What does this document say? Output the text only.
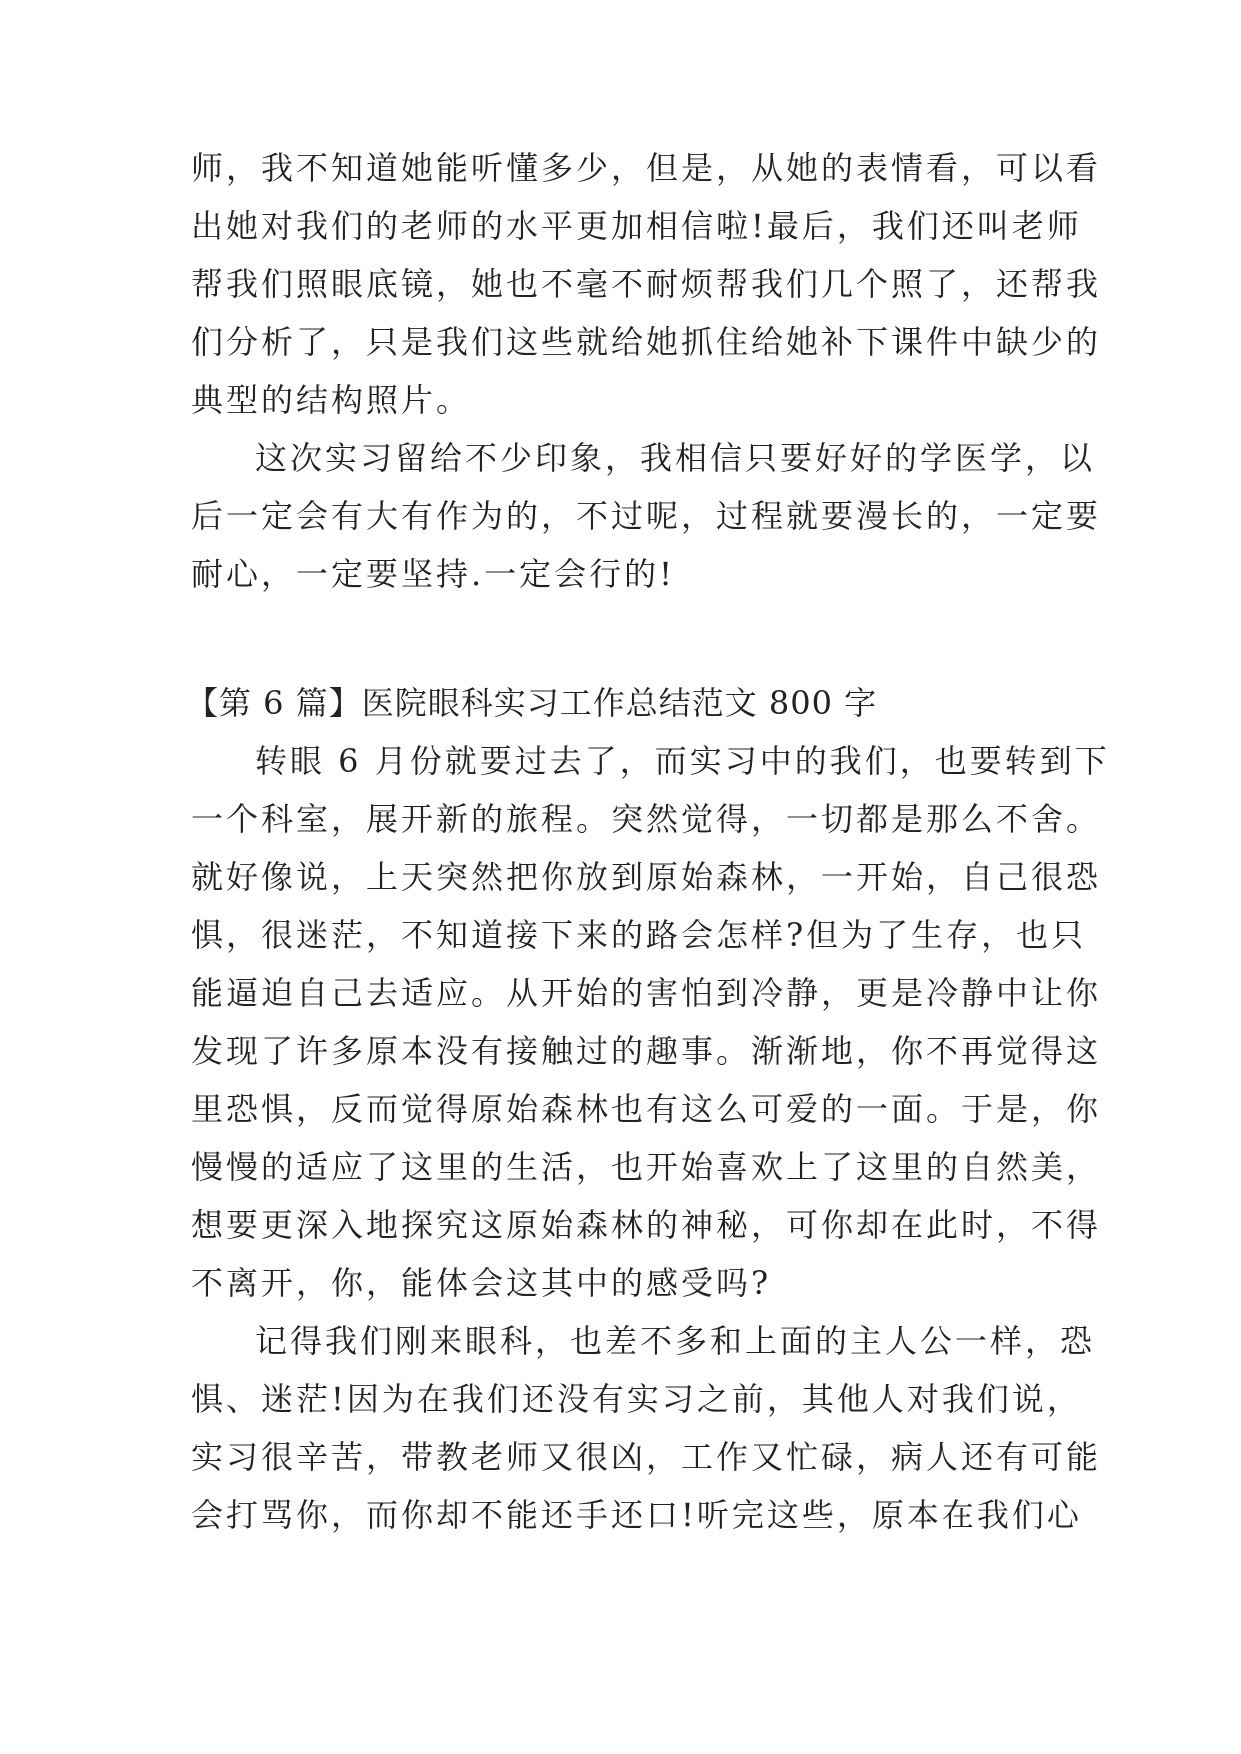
师，我不知道她能听懂多少，但是，从她的表情看，可以看
出她对我们的老师的水平更加相信啦!最后，我们还叫老师
帮我们照眼底镜，她也不毫不耐烦帮我们几个照了，还帮我
们分析了，只是我们这些就给她抓住给她补下课件中缺少的
典型的结构照片。
这次实习留给不少印象，我相信只要好好的学医学，以
后一定会有大有作为的，不过呢，过程就要漫长的，一定要
耐心，一定要坚持.一定会行的!
【第 6 篇】医院眼科实习工作总结范文 800 字
转眼 6 月份就要过去了，而实习中的我们，也要转到下
一个科室，展开新的旅程。突然觉得，一切都是那么不舍。
就好像说，上天突然把你放到原始森林，一开始，自己很恐
惧，很迷茫，不知道接下来的路会怎样?但为了生存，也只
能逼迫自己去适应。从开始的害怕到冷静，更是冷静中让你
发现了许多原本没有接触过的趣事。渐渐地，你不再觉得这
里恐惧，反而觉得原始森林也有这么可爱的一面。于是，你
慢慢的适应了这里的生活，也开始喜欢上了这里的自然美，
想要更深入地探究这原始森林的神秘，可你却在此时，不得
不离开，你，能体会这其中的感受吗?
记得我们刚来眼科，也差不多和上面的主人公一样，恐
惧、迷茫!因为在我们还没有实习之前，其他人对我们说，
实习很辛苦，带教老师又很凶，工作又忙碌，病人还有可能
会打骂你，而你却不能还手还口!听完这些，原本在我们心
